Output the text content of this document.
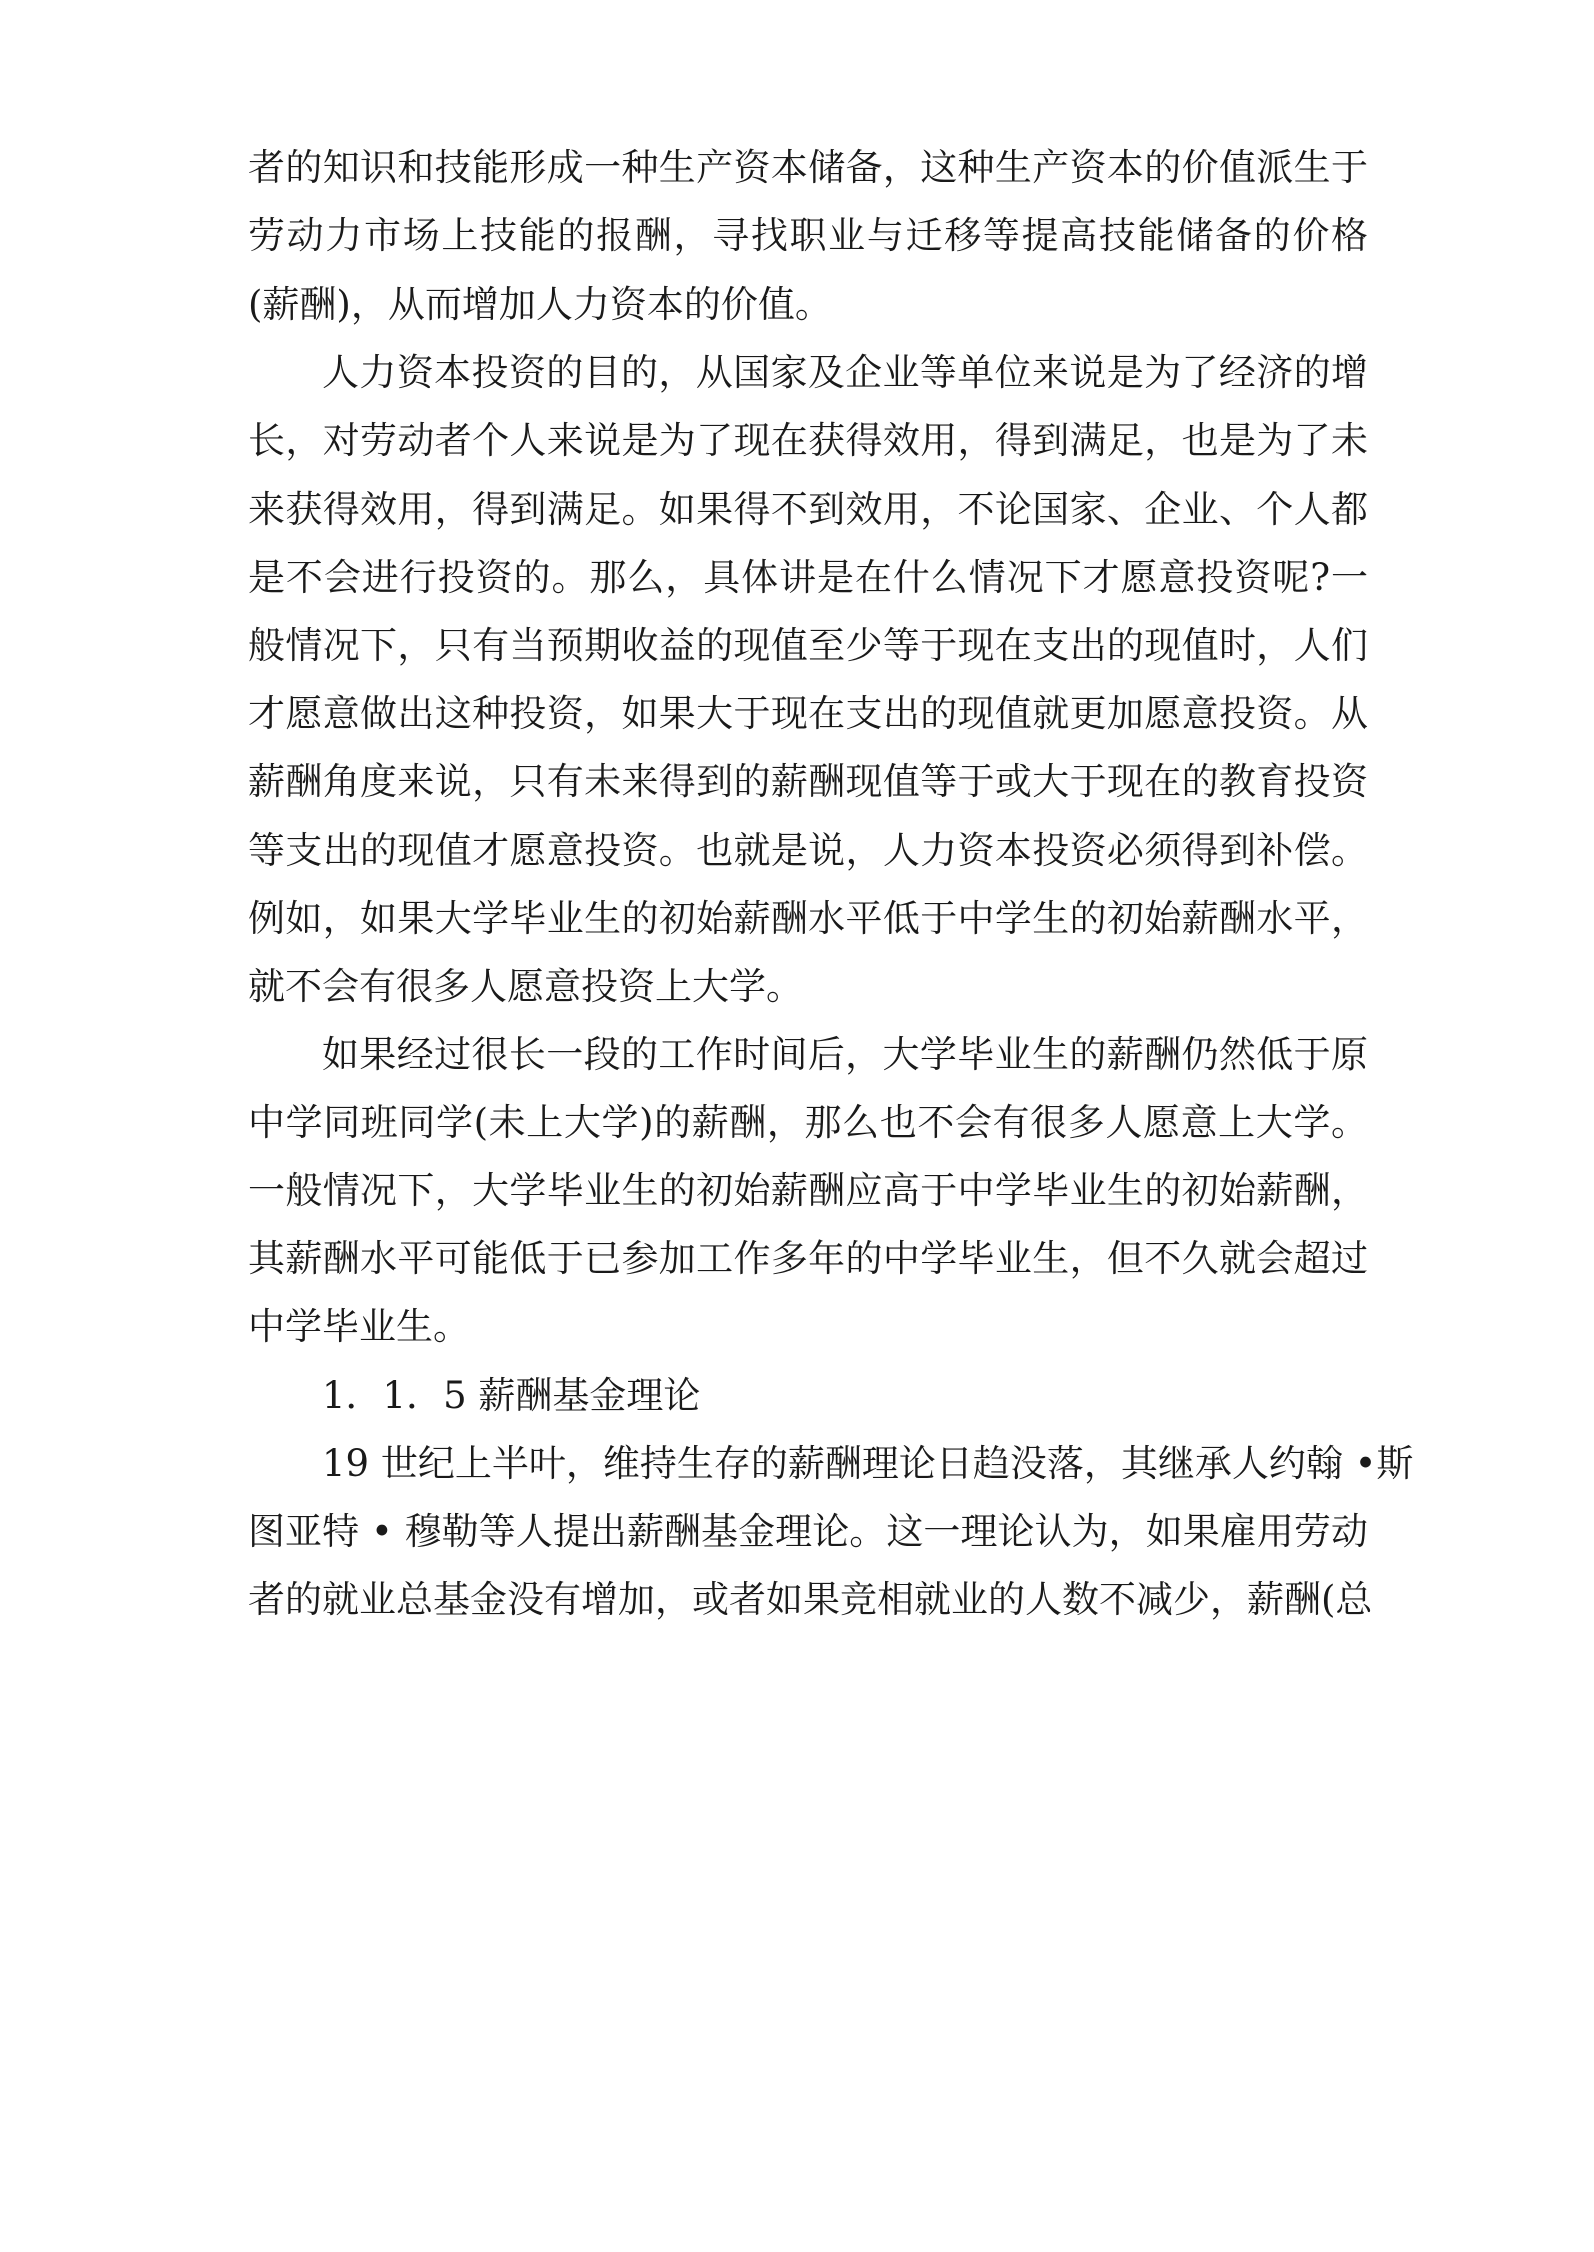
者的知识和技能形成一种生产资本储备，这种生产资本的价值派生于
劳动力市场上技能的报酬，寻找职业与迁移等提高技能储备的价格
(薪酬)，从而增加人力资本的价值。
人力资本投资的目的，从国家及企业等单位来说是为了经济的增
长，对劳动者个人来说是为了现在获得效用，得到满足，也是为了未
来获得效用，得到满足。如果得不到效用，不论国家、企业、个人都
是不会进行投资的。那么，具体讲是在什么情况下才愿意投资呢?一
般情况下，只有当预期收益的现值至少等于现在支出的现值时，人们
才愿意做出这种投资，如果大于现在支出的现值就更加愿意投资。从
薪酬角度来说，只有未来得到的薪酬现值等于或大于现在的教育投资
等支出的现值才愿意投资。也就是说，人力资本投资必须得到补偿。
例如，如果大学毕业生的初始薪酬水平低于中学生的初始薪酬水平，
就不会有很多人愿意投资上大学。
如果经过很长一段的工作时间后，大学毕业生的薪酬仍然低于原
中学同班同学(未上大学)的薪酬，那么也不会有很多人愿意上大学。
一般情况下，大学毕业生的初始薪酬应高于中学毕业生的初始薪酬，
其薪酬水平可能低于已参加工作多年的中学毕业生，但不久就会超过
中学毕业生。
1．1．5 薪酬基金理论
19 世纪上半叶，维持生存的薪酬理论日趋没落，其继承人约翰 •斯
图亚特 • 穆勒等人提出薪酬基金理论。这一理论认为，如果雇用劳动
者的就业总基金没有增加，或者如果竞相就业的人数不减少，薪酬(总
